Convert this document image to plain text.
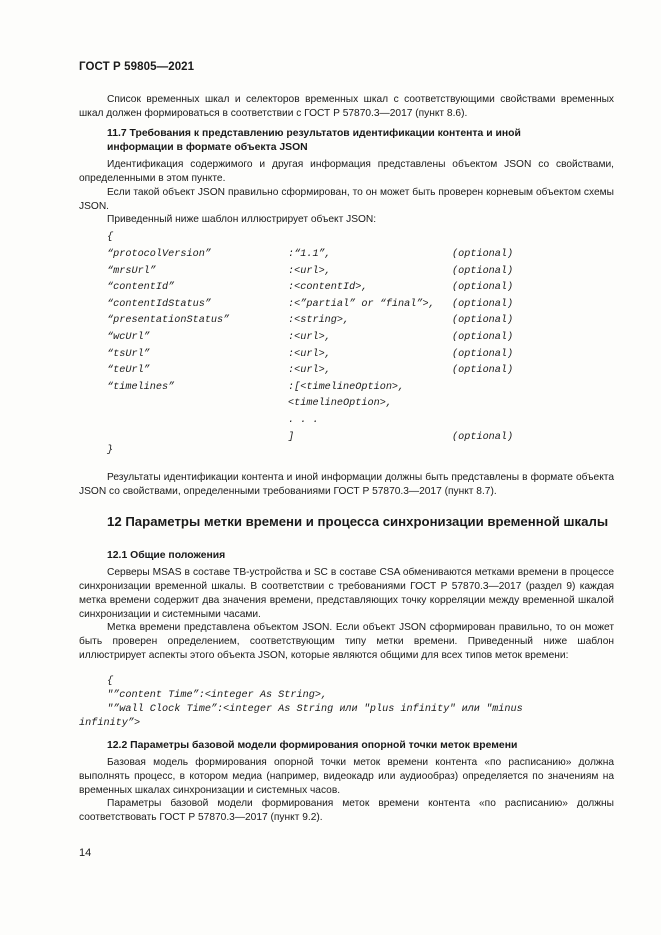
ГОСТ Р 59805—2021
Список временных шкал и селекторов временных шкал с соответствующими свойствами временных шкал должен формироваться в соответствии с ГОСТ Р 57870.3—2017 (пункт 8.6).
11.7 Требования к представлению результатов идентификации контента и иной
информации в формате объекта JSON
Идентификация содержимого и другая информация представлены объектом JSON со свойствами, определенными в этом пункте.
Если такой объект JSON правильно сформирован, то он может быть проверен корневым объектом схемы JSON.
Приведенный ниже шаблон иллюстрирует объект JSON:
{
}
“protocolVersion”	:“1.1”,	(optional)
“mrsUrl”	:<url>,	(optional)
“contentId”	:<contentId>,	(optional)
“contentIdStatus”	:<”partial” or “final”>, (optional)
“presentationStatus”	:<string>,	(optional)
“wcUrl”	:<url>,	(optional)
“tsUrl”	:<url>,	(optional)
“teUrl”	:<url>,	(optional)
“timelines”	:[<timelineOption>,
<timelineOption>,
. . .
]	(optional)
Результаты идентификации контента и иной информации должны быть представлены в формате объекта JSON со свойствами, определенными требованиями ГОСТ Р 57870.3—2017 (пункт 8.7).
12 Параметры метки времени и процесса синхронизации временной шкалы
12.1 Общие положения
Серверы MSAS в составе ТВ-устройства и SC в составе CSA обмениваются метками времени в процессе синхронизации временной шкалы. В соответствии с требованиями ГОСТ Р 57870.3—2017 (раздел 9) каждая метка времени содержит два значения времени, представляющих точку корреляции между временной шкалой синхронизации и системными часами.
Метка времени представлена объектом JSON. Если объект JSON сформирован правильно, то он может быть проверен определением, соответствующим типу метки времени. Приведенный ниже шаблон иллюстрирует аспекты этого объекта JSON, которые являются общими для всех типов меток времени:
{
"”content Time”:<integer As String>,
"”wall Clock Time”:<integer As String или "plus infinity" или "minus
infinity”>
12.2 Параметры базовой модели формирования опорной точки меток времени
Базовая модель формирования опорной точки меток времени контента «по расписанию» должна выполнять процесс, в котором медиа (например, видеокадр или аудиообраз) определяется по значениям на временных шкалах синхронизации и системных часов.
Параметры базовой модели формирования меток времени контента «по расписанию» должны соответствовать ГОСТ Р 57870.3—2017 (пункт 9.2).
14
